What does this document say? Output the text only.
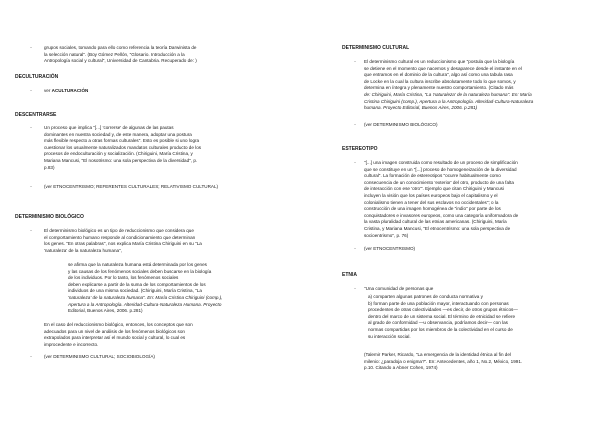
-	grupos sociales, tomando para ello como referencia la teoría Darwinista de

la selección natural". (Boy Gómez Pellón, "Glosario. Introducción a la

Antropología social y cultural", Universidad de Cantabria. Recuperado de: )

DECULTURACIÓN
-	ver ACULTURACIÓN
DESCENTRARSE
-	Un proceso que implica "[...] 'correrse' de algunas de las pautas

dominantes en nuestra sociedad y, de este manera, adoptar una postura

más flexible respecto a otras formas culturales". Esto es posible si uno logra

cuestionar los usualmente naturalizados mandatos culturales producto de los

procesos de endoculturación y socialización. (Chiriguini, María Cristina, y

Mariana Mancusi, "El nosotrismo: una sola perspectiva de la diversidad", p.

p.83)

-	(ver ETNOCENTRISMO; REFERENTES CULTURALES; RELATIVISMO CULTURAL)

DETERMINISMO BIOLÓGICO
-	El determinismo biológico es un tipo de reduccionismo que considera que

el comportamiento humano responde al condicionamiento que determinan

los genes. "En otras palabras", nos explica María Cristina Chiriguini en su "La

'naturaleza' de la naturaleza humana",

se afirma que la naturaleza humana está determinada por los genes

y las causas de los fenómenos sociales deben buscarse en la biología

de los individuos. Por lo tanto, los fenómenos sociales

deben explicarse a partir de la suma de los comportamientos de los

individuos de una misma sociedad. (Chiriguini, María Cristina, "La

'naturaleza' de la naturaleza humana". En: María Cristina Chiriguini (comp.),

Apertura a la Antropología. Alteridad-Cultura-Naturaleza Humana. Proyecto

Editorial, Buenos Aires, 2006. p.281)

En el caso del reduccionismo biológico, entonces, los conceptos que son

adecuados para un nivel de análisis de los fenómenos biológicos son

extrapolados para interpretar así el mundo social y cultural, lo cual es

improcedente e incorrecto.

-	(ver DETERMINISMO CULTURAL; SOCIOBIOLOGÍA)

DETERMINISMO CULTURAL
-	El determinismo cultural es un reduccionismo que "postula que la biología

se detiene en el momento que nacemos y desaparece desde el instante en el

que entramos en el dominio de la cultura", algo así como una tabula rasa

de Locke en la cual la cultura inscribe absolutamente todo lo que somos, y

determina en íntegra y plenamente nuestro comportamiento. (Citado más

de: Chiriguini, María Cristina, "La 'naturaleza' de la naturaleza humana". En: María

Cristina Chiriguini (comp.), Apertura a la Antropología. Alteridad-Cultura-Naturaleza

humana. Proyecto Editorial, Buenos Aires, 2006. p.281)

-	(ver DETERMINISMO BIOLÓGICO)

ESTEREOTIPO
-	"[...] una imagen construida como resultado de un proceso de simplificación

que se constituye en un "[...] proceso de homogeneización de la diversidad

cultural". La formación de estereotipos "ocurre habitualmente como

consecuencia de un conocimiento 'exterior' del otro, producto de una falta

de interacción con ese 'otro'". Ejemplo que citan Chiriguini y Mancusi

incluyen la visión que los países europeos bajo el capitalismo y el

colonialismo tienen a tener del sus esclavos no occidentales"; o la

construcción de una imagen homogénea de "indio" por parte de los

conquistadores e invasores europeos, como una categoría uniformadora de

la vasta pluralidad cultural de las etnias americanas. (Chiriguini, María

Cristina, y Mariana Mancusi, "El etnocentrismo: una sola perspectiva de

socioentrismo", p. 76)

-	(ver ETNOCENTRISMO)

ETNIA
-	"Una comunidad de personas que

a) comparten algunas patrones de conducta normativa y

b) forman parte de una población mayor, interactuando con personas

procedentes de otras colectividades —es decir, de otros grupos étnicos—

dentro del marco de un sistema social. El término de etnicidad se refiere

al grado de conformidad —u observancia, podríamos decir— con las

normas compartidas por los miembros de la colectividad en el curso de

su interacción social.

(Talemir Parker, Ricardo, "La emergencia de la identidad étnica al fin del

milenio: ¿paradoja o enigma?". En: Antecedentes, año 1, No.2, México, 1991.

p.10. Citando a Abner Cohen, 1974)
